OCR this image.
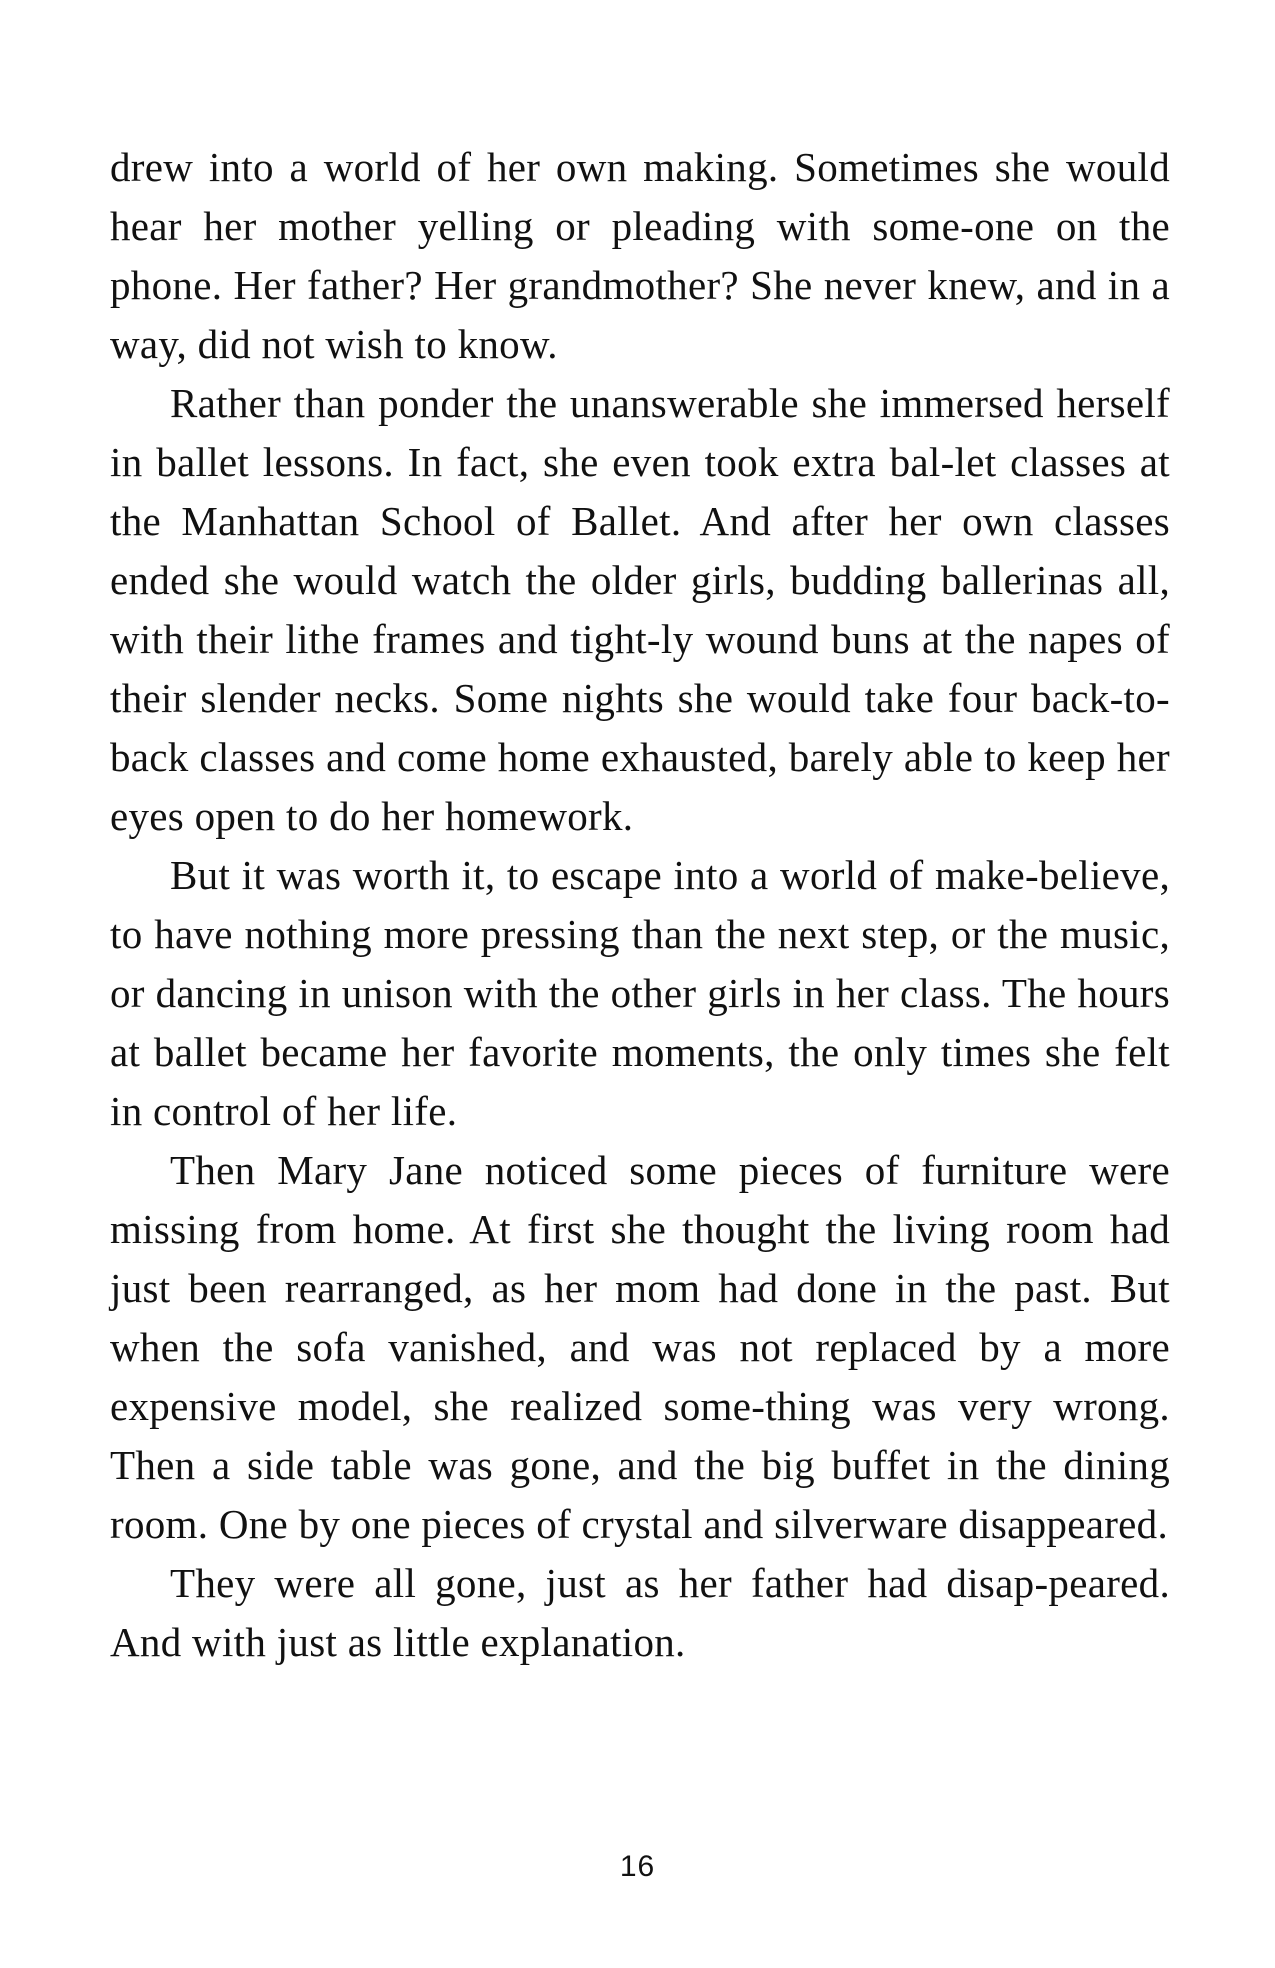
drew into a world of her own making. Sometimes she would hear her mother yelling or pleading with some-one on the phone. Her father? Her grandmother? She never knew, and in a way, did not wish to know.

Rather than ponder the unanswerable she immersed herself in ballet lessons. In fact, she even took extra bal-let classes at the Manhattan School of Ballet. And after her own classes ended she would watch the older girls, budding ballerinas all, with their lithe frames and tight-ly wound buns at the napes of their slender necks. Some nights she would take four back-to-back classes and come home exhausted, barely able to keep her eyes open to do her homework.

But it was worth it, to escape into a world of make-believe, to have nothing more pressing than the next step, or the music, or dancing in unison with the other girls in her class. The hours at ballet became her favorite moments, the only times she felt in control of her life.

Then Mary Jane noticed some pieces of furniture were missing from home. At first she thought the living room had just been rearranged, as her mom had done in the past. But when the sofa vanished, and was not replaced by a more expensive model, she realized some-thing was very wrong. Then a side table was gone, and the big buffet in the dining room. One by one pieces of crystal and silverware disappeared.

They were all gone, just as her father had disap-peared. And with just as little explanation.

16
